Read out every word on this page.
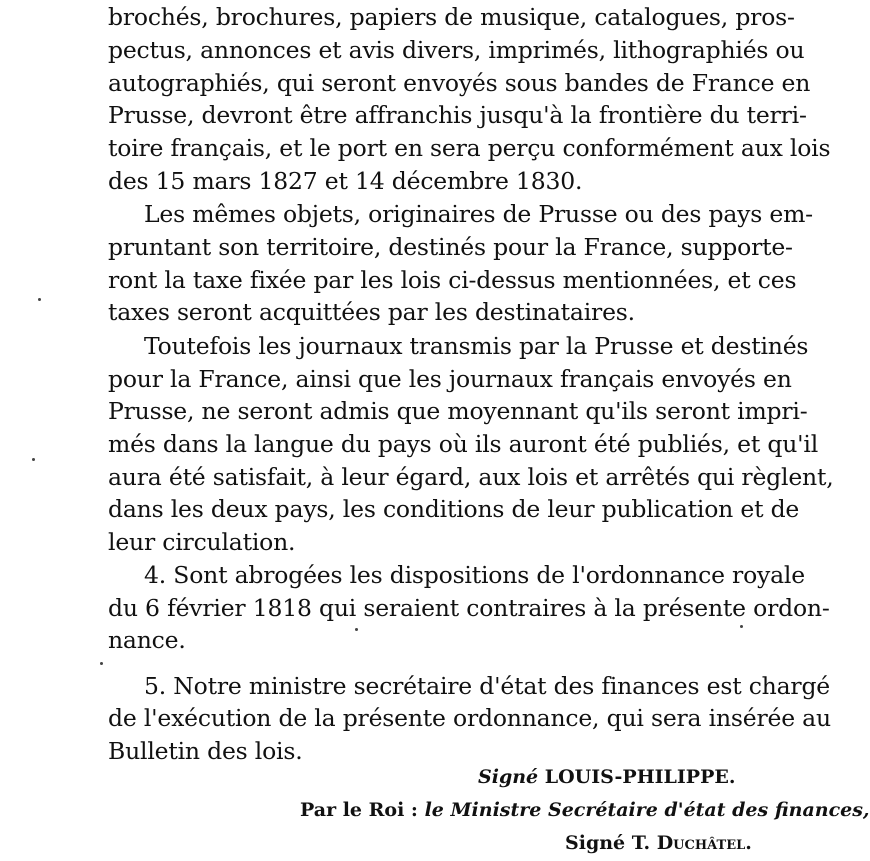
brochés, brochures, papiers de musique, catalogues, pros-
pectus, annonces et avis divers, imprimés, lithographiés ou
autographiés, qui seront envoyés sous bandes de France en
Prusse, devront être affranchis jusqu'à la frontière du terri-
toire français, et le port en sera perçu conformément aux lois
des 15 mars 1827 et 14 décembre 1830.
Les mêmes objets, originaires de Prusse ou des pays em-
pruntant son territoire, destinés pour la France, supporte-
ront la taxe fixée par les lois ci-dessus mentionnées, et ces
taxes seront acquittées par les destinataires.
Toutefois les journaux transmis par la Prusse et destinés
pour la France, ainsi que les journaux français envoyés en
Prusse, ne seront admis que moyennant qu'ils seront impri-
més dans la langue du pays où ils auront été publiés, et qu'il
aura été satisfait, à leur égard, aux lois et arrêtés qui règlent,
dans les deux pays, les conditions de leur publication et de
leur circulation.
4. Sont abrogées les dispositions de l'ordonnance royale
du 6 février 1818 qui seraient contraires à la présente ordon-
nance.
5. Notre ministre secrétaire d'état des finances est chargé
de l'exécution de la présente ordonnance, qui sera insérée au
Bulletin des lois.
Signé LOUIS-PHILIPPE.
Par le Roi : le Ministre Secrétaire d'état des finances,
Signé T. Duchâtel.
